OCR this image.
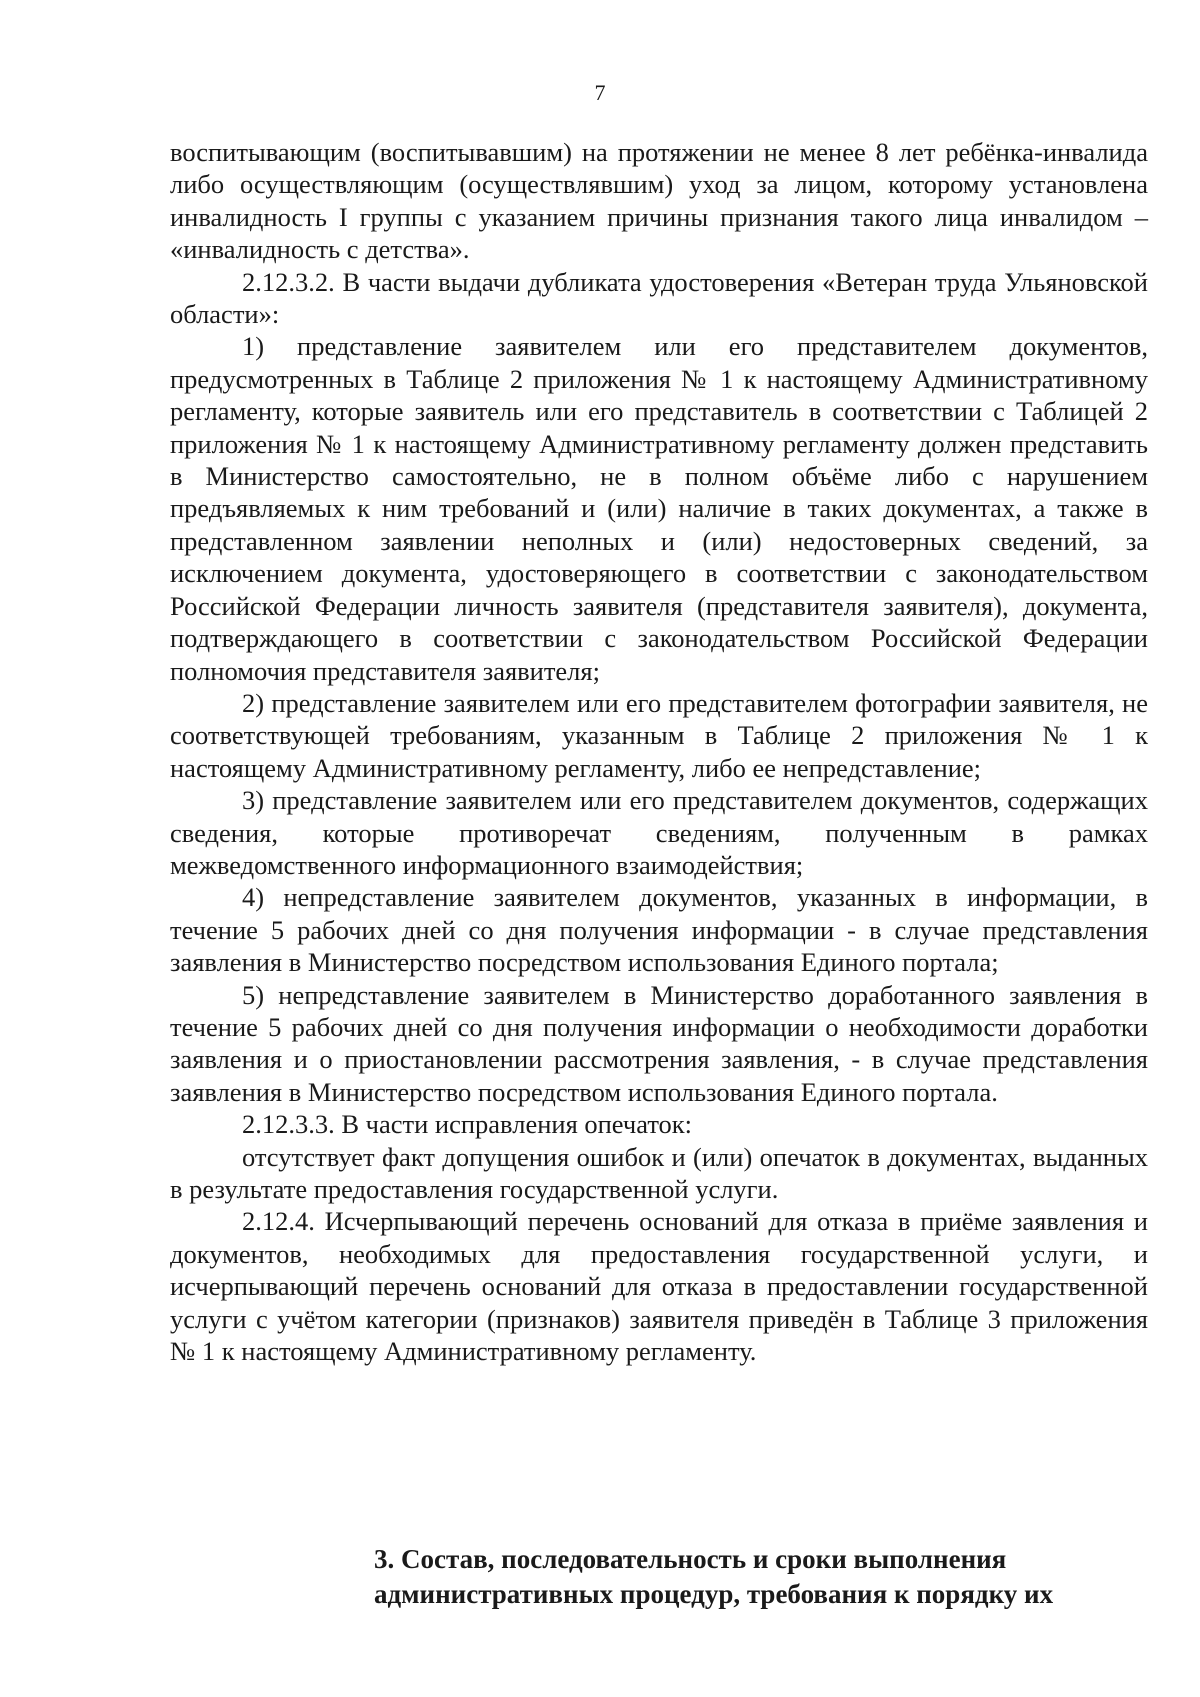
7

воспитывающим (воспитывавшим) на протяжении не менее 8 лет ребёнка-инвалида либо осуществляющим (осуществлявшим) уход за лицом, которому установлена инвалидность I группы с указанием причины признания такого лица инвалидом – «инвалидность с детства».

2.12.3.2. В части выдачи дубликата удостоверения «Ветеран труда Ульяновской области»:

1) представление заявителем или его представителем документов, предусмотренных в Таблице 2 приложения № 1 к настоящему Административному регламенту, которые заявитель или его представитель в соответствии с Таблицей 2 приложения № 1 к настоящему Административному регламенту должен представить в Министерство самостоятельно, не в полном объёме либо с нарушением предъявляемых к ним требований и (или) наличие в таких документах, а также в представленном заявлении неполных и (или) недостоверных сведений, за исключением документа, удостоверяющего в соответствии с законодательством Российской Федерации личность заявителя (представителя заявителя), документа, подтверждающего в соответствии с законодательством Российской Федерации полномочия представителя заявителя;

2) представление заявителем или его представителем фотографии заявителя, не соответствующей требованиям, указанным в Таблице 2 приложения № 1 к настоящему Административному регламенту, либо ее непредставление;

3) представление заявителем или его представителем документов, содержащих сведения, которые противоречат сведениям, полученным в рамках межведомственного информационного взаимодействия;

4) непредставление заявителем документов, указанных в информации, в течение 5 рабочих дней со дня получения информации - в случае представления заявления в Министерство посредством использования Единого портала;

5) непредставление заявителем в Министерство доработанного заявления в течение 5 рабочих дней со дня получения информации о необходимости доработки заявления и о приостановлении рассмотрения заявления, - в случае представления заявления в Министерство посредством использования Единого портала.

2.12.3.3. В части исправления опечаток:

отсутствует факт допущения ошибок и (или) опечаток в документах, выданных в результате предоставления государственной услуги.

2.12.4. Исчерпывающий перечень оснований для отказа в приёме заявления и документов, необходимых для предоставления государственной услуги, и исчерпывающий перечень оснований для отказа в предоставлении государственной услуги с учётом категории (признаков) заявителя приведён в Таблице 3 приложения № 1 к настоящему Административному регламенту.

3. Состав, последовательность и сроки выполнения
административных процедур, требования к порядку их
